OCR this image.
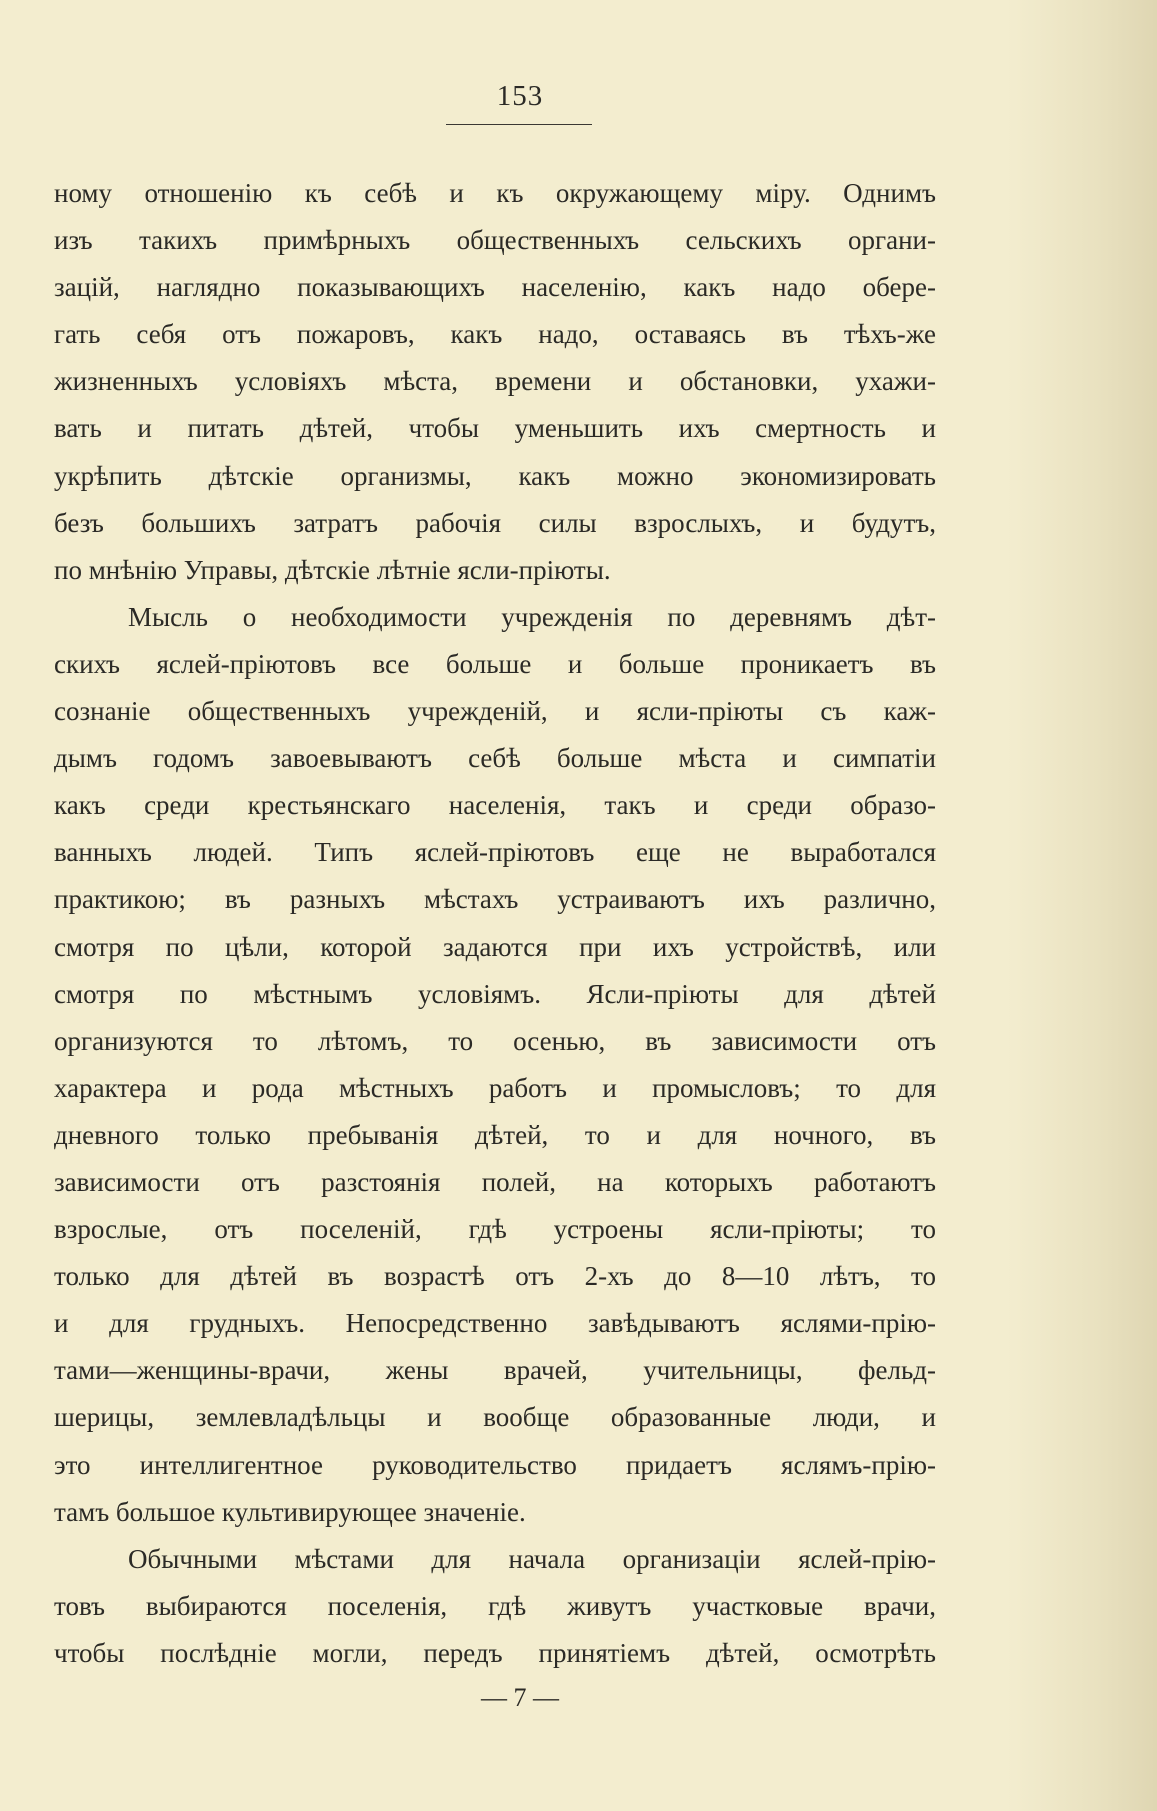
153
ному отношенію къ себѣ и къ окружающему міру. Однимъ
изъ такихъ примѣрныхъ общественныхъ сельскихъ органи-
зацій, наглядно показывающихъ населенію, какъ надо обере-
гать себя отъ пожаровъ, какъ надо, оставаясь въ тѣхъ-же
жизненныхъ условіяхъ мѣста, времени и обстановки, ухажи-
вать и питать дѣтей, чтобы уменьшить ихъ смертность и
укрѣпить дѣтскіе организмы, какъ можно экономизировать
безъ большихъ затратъ рабочія силы взрослыхъ, и будутъ,
по мнѣнію Управы, дѣтскіе лѣтніе ясли-пріюты.
Мысль о необходимости учрежденія по деревнямъ дѣт-
скихъ яслей-пріютовъ все больше и больше проникаетъ въ
сознаніе общественныхъ учрежденій, и ясли-пріюты съ каж-
дымъ годомъ завоевываютъ себѣ больше мѣста и симпатіи
какъ среди крестьянскаго населенія, такъ и среди образо-
ванныхъ людей. Типъ яслей-пріютовъ еще не выработался
практикою; въ разныхъ мѣстахъ устраиваютъ ихъ различно,
смотря по цѣли, которой задаются при ихъ устройствѣ, или
смотря по мѣстнымъ условіямъ. Ясли-пріюты для дѣтей
организуются то лѣтомъ, то осенью, въ зависимости отъ
характера и рода мѣстныхъ работъ и промысловъ; то для
дневного только пребыванія дѣтей, то и для ночного, въ
зависимости отъ разстоянія полей, на которыхъ работаютъ
взрослые, отъ поселеній, гдѣ устроены ясли-пріюты; то
только для дѣтей въ возрастѣ отъ 2-хъ до 8—10 лѣтъ, то
и для грудныхъ. Непосредственно завѣдываютъ яслями-прію-
тами—женщины-врачи, жены врачей, учительницы, фельд-
шерицы, землевладѣльцы и вообще образованные люди, и
это интеллигентное руководительство придаетъ яслямъ-прію-
тамъ большое культивирующее значеніе.
Обычными мѣстами для начала организаціи яслей-прію-
товъ выбираются поселенія, гдѣ живутъ участковые врачи,
чтобы послѣдніе могли, передъ принятіемъ дѣтей, осмотрѣть
— 7 —
